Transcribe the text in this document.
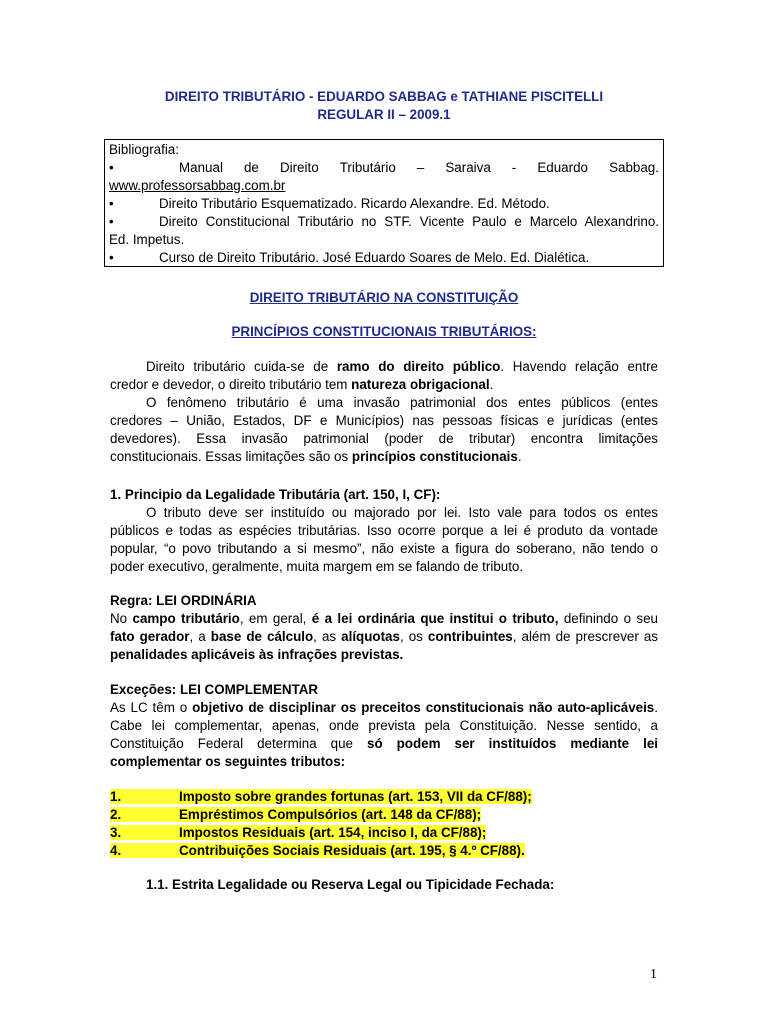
DIREITO TRIBUTÁRIO - EDUARDO SABBAG e TATHIANE PISCITELLI
REGULAR II – 2009.1
Bibliografia:
•	Manual de Direito Tributário – Saraiva - Eduardo Sabbag.
www.professorsabbag.com.br
•	Direito Tributário Esquematizado. Ricardo Alexandre. Ed. Método.
•	Direito Constitucional Tributário no STF. Vicente Paulo e Marcelo Alexandrino.
Ed. Impetus.
•	Curso de Direito Tributário. José Eduardo Soares de Melo. Ed. Dialética.
DIREITO TRIBUTÁRIO NA CONSTITUIÇÃO
PRINCÍPIOS CONSTITUCIONAIS TRIBUTÁRIOS:
Direito tributário cuida-se de ramo do direito público. Havendo relação entre
credor e devedor, o direito tributário tem natureza obrigacional.
O fenômeno tributário é uma invasão patrimonial dos entes públicos (entes
credores – União, Estados, DF e Municípios) nas pessoas físicas e jurídicas (entes
devedores). Essa invasão patrimonial (poder de tributar) encontra limitações
constitucionais. Essas limitações são os princípios constitucionais.
1. Principio da Legalidade Tributária (art. 150, I, CF):
O tributo deve ser instituído ou majorado por lei. Isto vale para todos os entes
públicos e todas as espécies tributárias. Isso ocorre porque a lei é produto da vontade
popular, “o povo tributando a si mesmo”, não existe a figura do soberano, não tendo o
poder executivo, geralmente, muita margem em se falando de tributo.
Regra: LEI ORDINÁRIA
No campo tributário, em geral, é a lei ordinária que institui o tributo, definindo o seu
fato gerador, a base de cálculo, as alíquotas, os contribuintes, além de prescrever as
penalidades aplicáveis às infrações previstas.
Exceções: LEI COMPLEMENTAR
As LC têm o objetivo de disciplinar os preceitos constitucionais não auto-aplicáveis.
Cabe lei complementar, apenas, onde prevista pela Constituição. Nesse sentido, a
Constituição Federal determina que só podem ser instituídos mediante lei
complementar os seguintes tributos:
1.	Imposto sobre grandes fortunas (art. 153, VII da CF/88);
2.	Empréstimos Compulsórios (art. 148 da CF/88);
3.	Impostos Residuais (art. 154, inciso I, da CF/88);
4.	Contribuições Sociais Residuais (art. 195, § 4.º CF/88).
1.1. Estrita Legalidade ou Reserva Legal ou Tipicidade Fechada:
1
